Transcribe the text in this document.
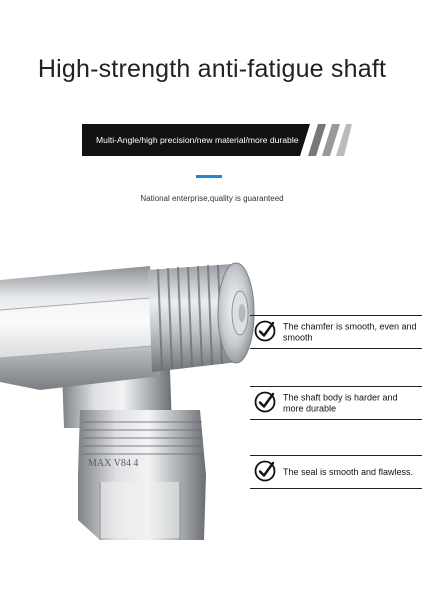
High-strength anti-fatigue shaft
Multi-Angle/high precision/new material/more durable
National enterprise,quality is guaranteed
MAX V84 4
The chamfer is smooth, even and smooth
The shaft body is harder and more durable
The seal is smooth and flawless.
